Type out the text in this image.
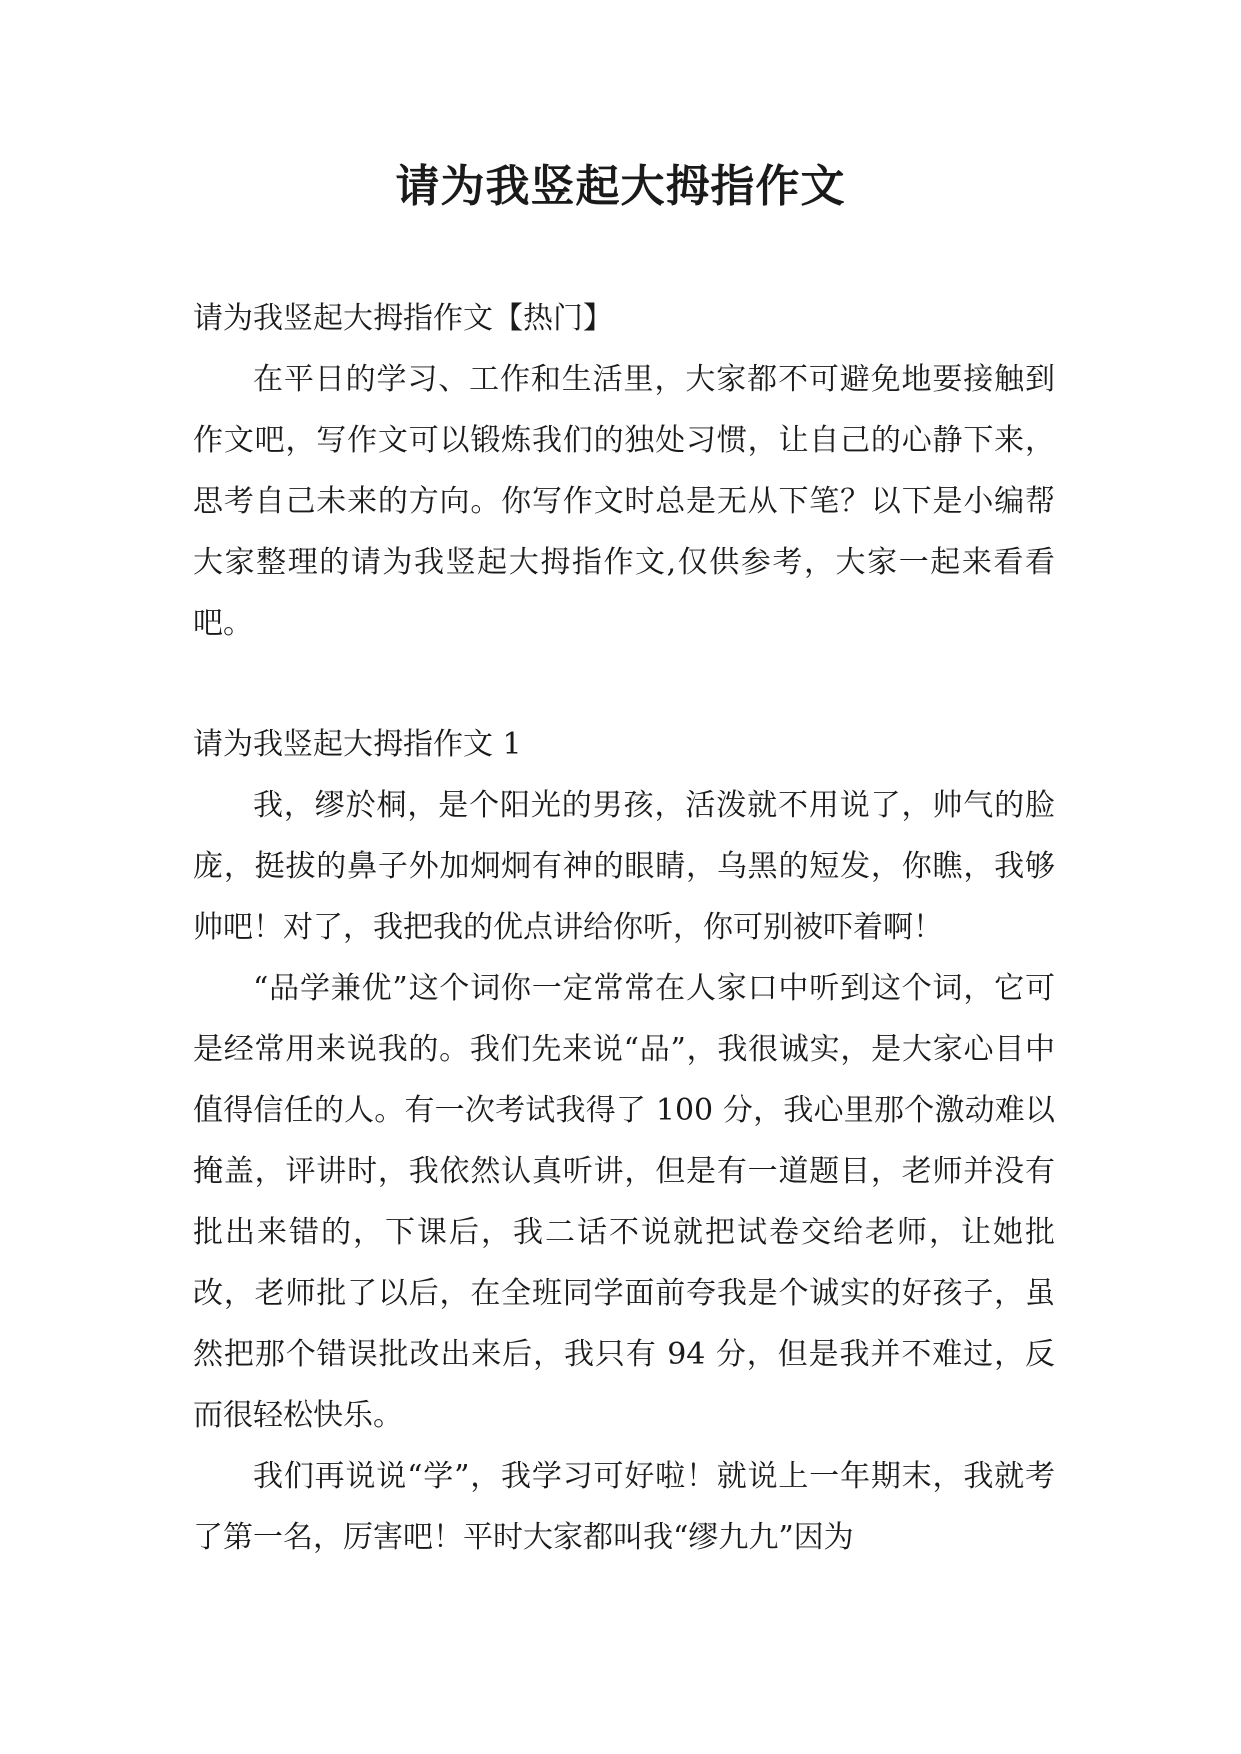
请为我竖起大拇指作文

请为我竖起大拇指作文【热门】

在平日的学习、工作和生活里，大家都不可避免地要接触到作文吧，写作文可以锻炼我们的独处习惯，让自己的心静下来，思考自己未来的方向。你写作文时总是无从下笔？以下是小编帮大家整理的请为我竖起大拇指作文,仅供参考，大家一起来看看吧。

请为我竖起大拇指作文 1

我，缪於桐，是个阳光的男孩，活泼就不用说了，帅气的脸庞，挺拔的鼻子外加炯炯有神的眼睛，乌黑的短发，你瞧，我够帅吧！对了，我把我的优点讲给你听，你可别被吓着啊！

“品学兼优”这个词你一定常常在人家口中听到这个词，它可是经常用来说我的。我们先来说“品”，我很诚实，是大家心目中值得信任的人。有一次考试我得了 100 分，我心里那个激动难以掩盖，评讲时，我依然认真听讲，但是有一道题目，老师并没有批出来错的，下课后，我二话不说就把试卷交给老师，让她批改，老师批了以后，在全班同学面前夸我是个诚实的好孩子，虽然把那个错误批改出来后，我只有 94 分，但是我并不难过，反而很轻松快乐。

我们再说说“学”，我学习可好啦！就说上一年期末，我就考了第一名，厉害吧！平时大家都叫我“缪九九”因为
